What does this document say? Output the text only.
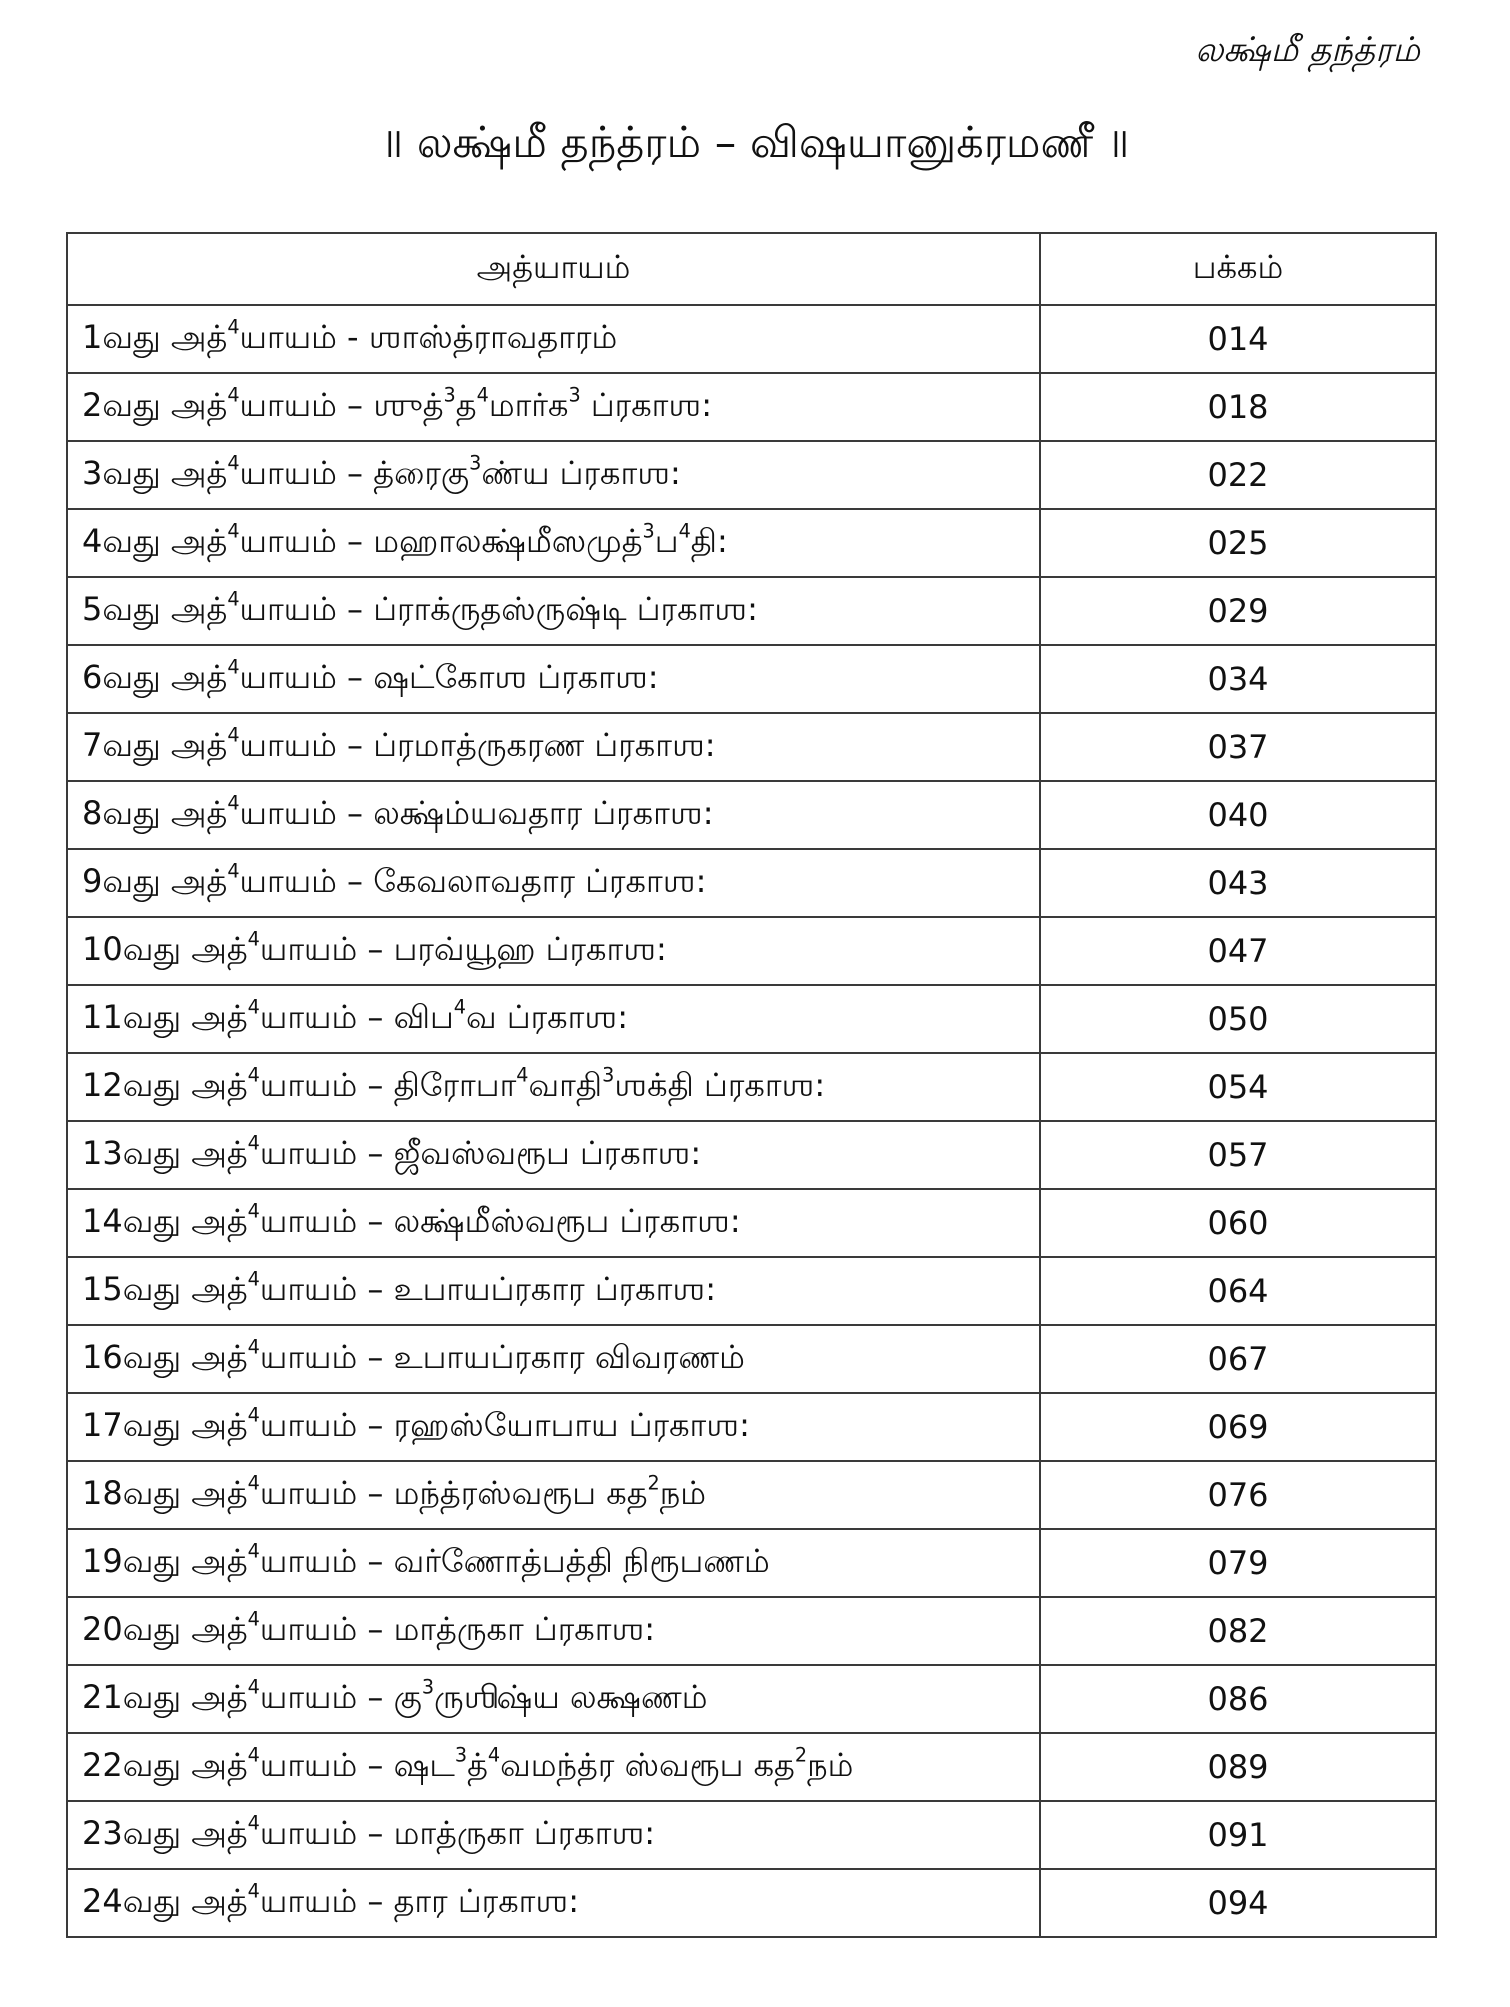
லக்ஷ்மீ தந்த்ரம்
॥ லக்ஷ்மீ தந்த்ரம் – விஷயானுக்ரமணீ ॥
அத்யாயம்	பக்கம்
1வது அத்$^4$யாயம் - ஶாஸ்த்ராவதாரம்	014
2வது அத்$^4$யாயம் – ஶுத்$^3$த$^4$மார்க$^3$ ப்ரகாஶ:	018
3வது அத்$^4$யாயம் – த்ரைகு$^3$ண்ய ப்ரகாஶ:	022
4வது அத்$^4$யாயம் – மஹாலக்ஷ்மீஸமுத்$^3$ப$^4$தி:	025
5வது அத்$^4$யாயம் – ப்ராக்ருதஸ்ருஷ்டி ப்ரகாஶ:	029
6வது அத்$^4$யாயம் – ஷட்கோஶ ப்ரகாஶ:	034
7வது அத்$^4$யாயம் – ப்ரமாத்ருகரண ப்ரகாஶ:	037
8வது அத்$^4$யாயம் – லக்ஷ்ம்யவதார ப்ரகாஶ:	040
9வது அத்$^4$யாயம் – கேவலாவதார ப்ரகாஶ:	043
10வது அத்$^4$யாயம் – பரவ்யூஹ ப்ரகாஶ:	047
11வது அத்$^4$யாயம் – விப$^4$வ ப்ரகாஶ:	050
12வது அத்$^4$யாயம் – திரோபா$^4$வாதி$^3$ஶக்தி ப்ரகாஶ:	054
13வது அத்$^4$யாயம் – ஜீவஸ்வரூப ப்ரகாஶ:	057
14வது அத்$^4$யாயம் – லக்ஷ்மீஸ்வரூப ப்ரகாஶ:	060
15வது அத்$^4$யாயம் – உபாயப்ரகார ப்ரகாஶ:	064
16வது அத்$^4$யாயம் – உபாயப்ரகார விவரணம்	067
17வது அத்$^4$யாயம் – ரஹஸ்யோபாய ப்ரகாஶ:	069
18வது அத்$^4$யாயம் – மந்த்ரஸ்வரூப கத$^2$நம்	076
19வது அத்$^4$யாயம் – வர்ணோத்பத்தி நிரூபணம்	079
20வது அத்$^4$யாயம் – மாத்ருகா ப்ரகாஶ:	082
21வது அத்$^4$யாயம் – கு$^3$ருஶிஷ்ய லக்ஷணம்	086
22வது அத்$^4$யாயம் – ஷட$^3$த்$^4$வமந்த்ர ஸ்வரூப கத$^2$நம்	089
23வது அத்$^4$யாயம் – மாத்ருகா ப்ரகாஶ:	091
24வது அத்$^4$யாயம் – தார ப்ரகாஶ:	094
